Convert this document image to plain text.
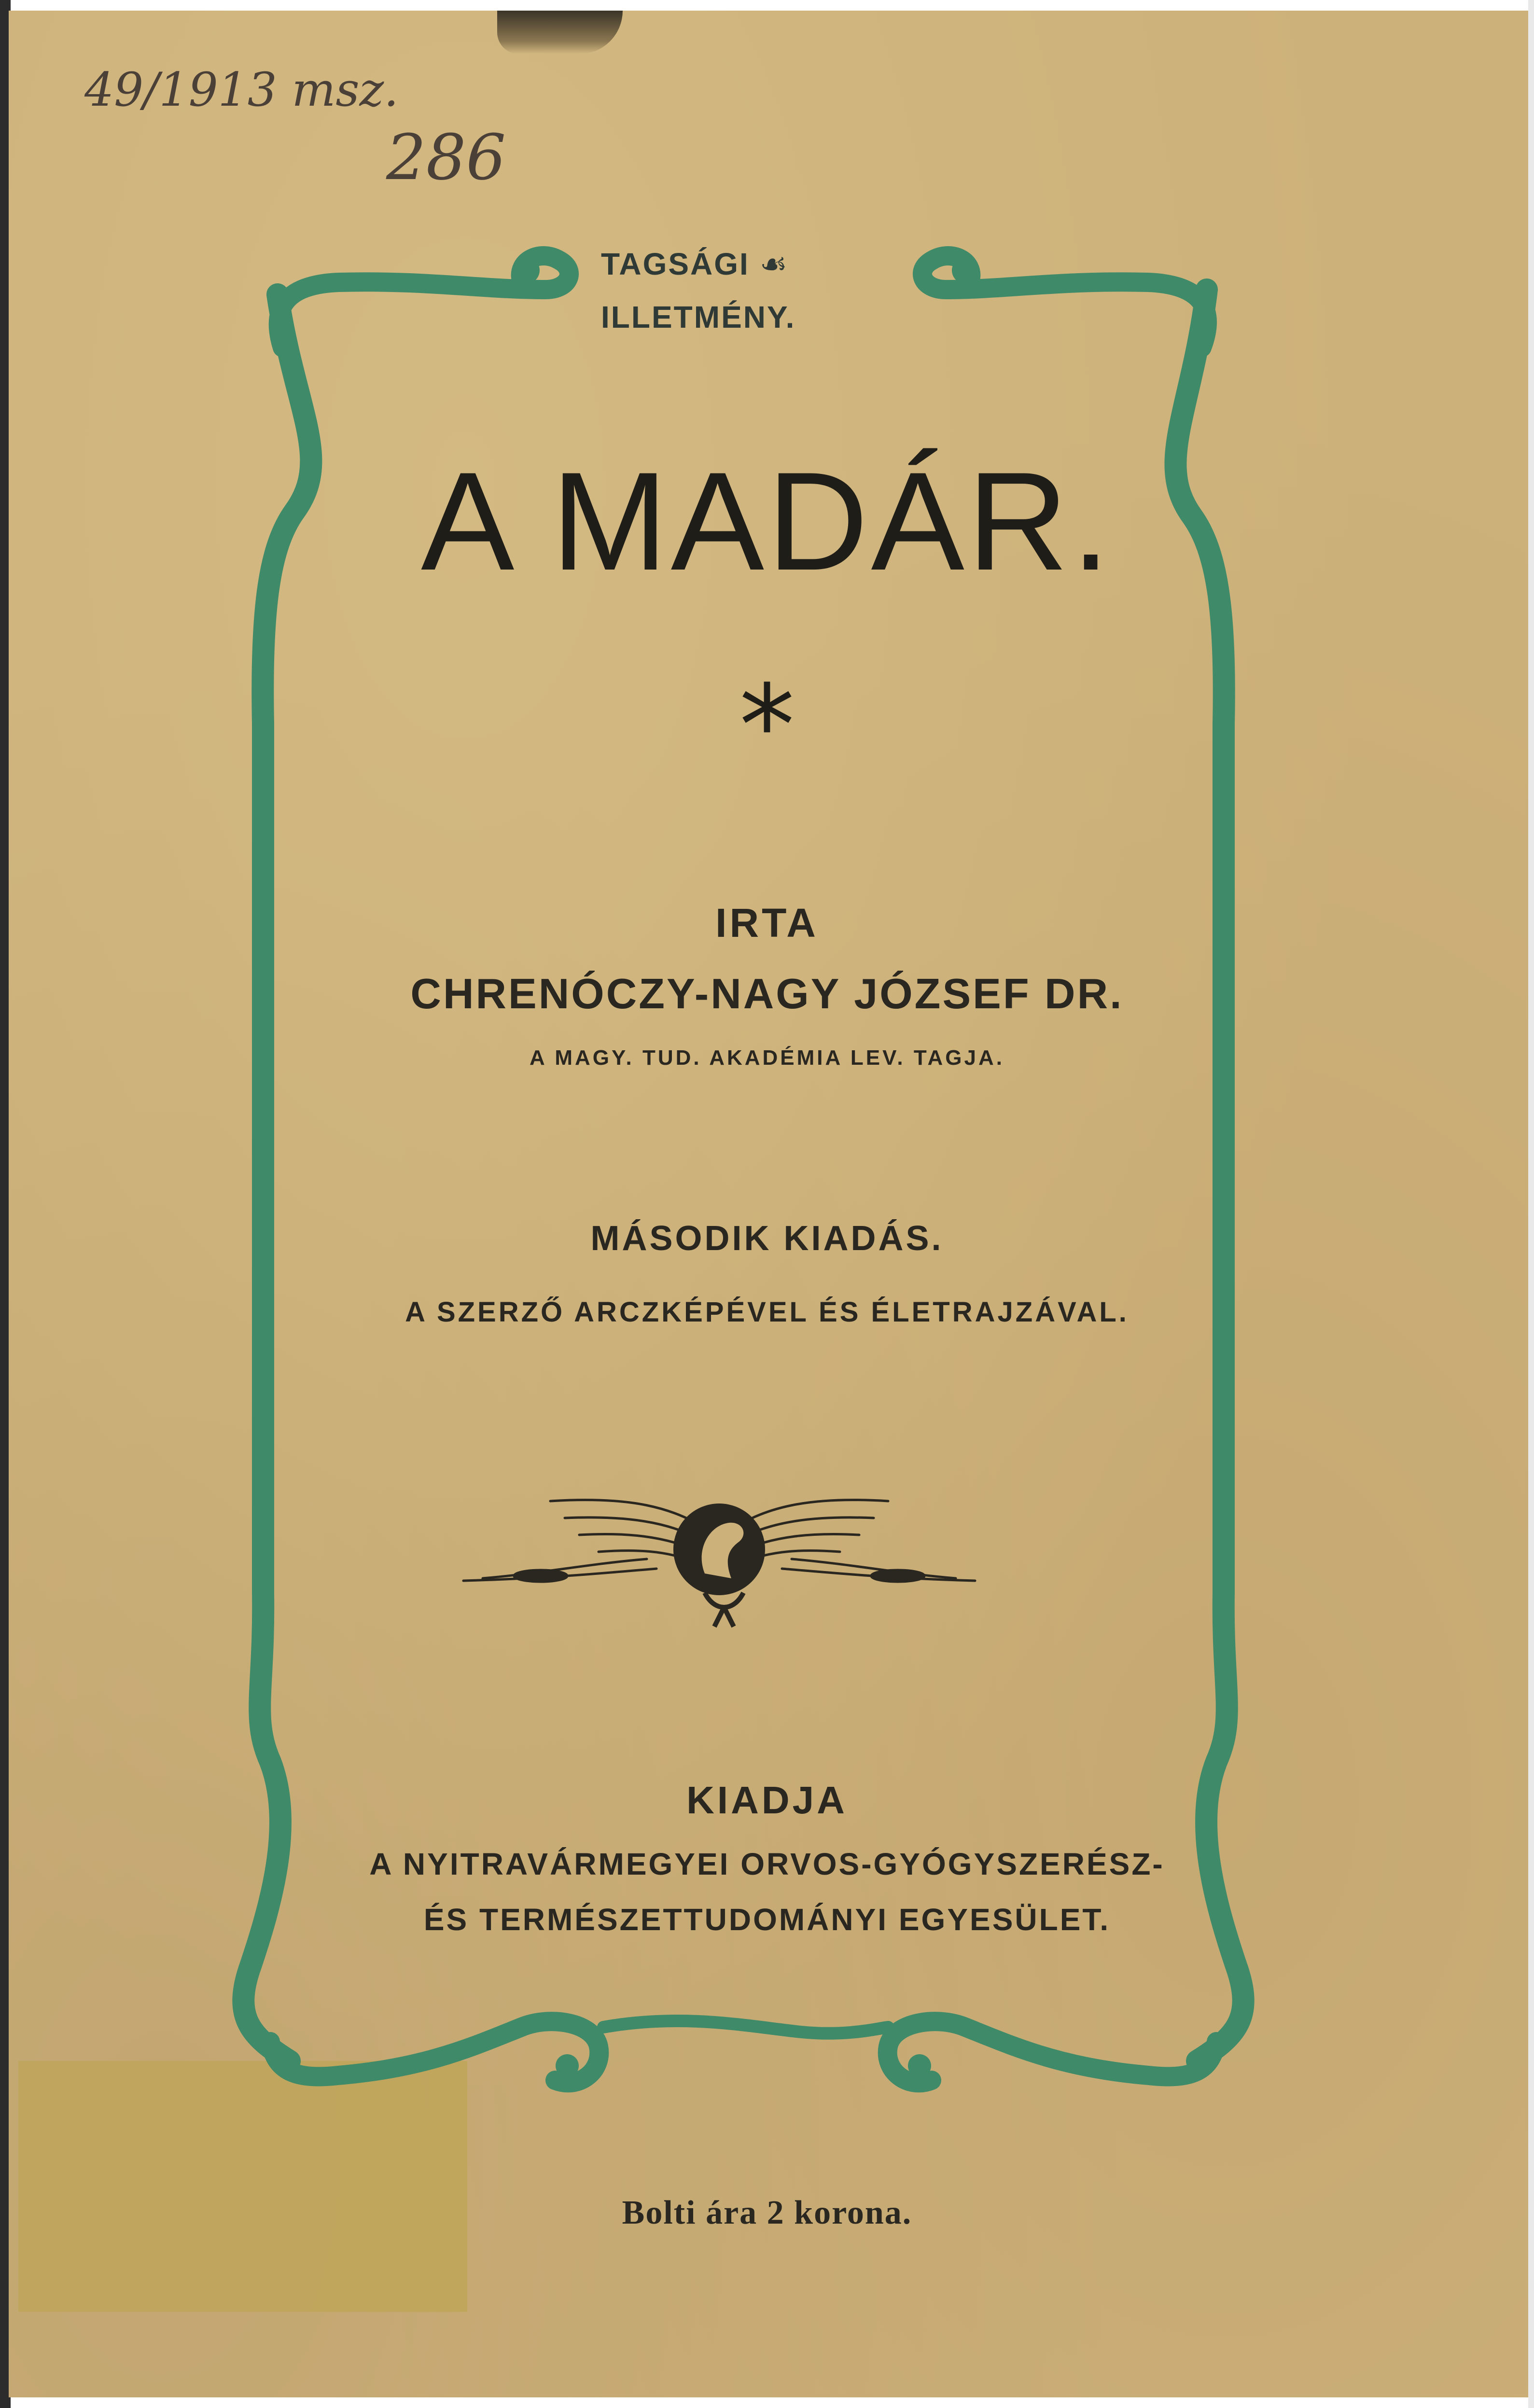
49/1913 msz.
286
TAGSÁGI ☙
ILLETMÉNY.
A MADÁR.
*
IRTA
CHRENÓCZY-NAGY JÓZSEF DR.
A MAGY. TUD. AKADÉMIA LEV. TAGJA.
MÁSODIK KIADÁS.
A SZERZŐ ARCZKÉPÉVEL ÉS ÉLETRAJZÁVAL.
KIADJA
A NYITRAVÁRMEGYEI ORVOS-GYÓGYSZERÉSZ-
ÉS TERMÉSZETTUDOMÁNYI EGYESÜLET.
Bolti ára 2 korona.
